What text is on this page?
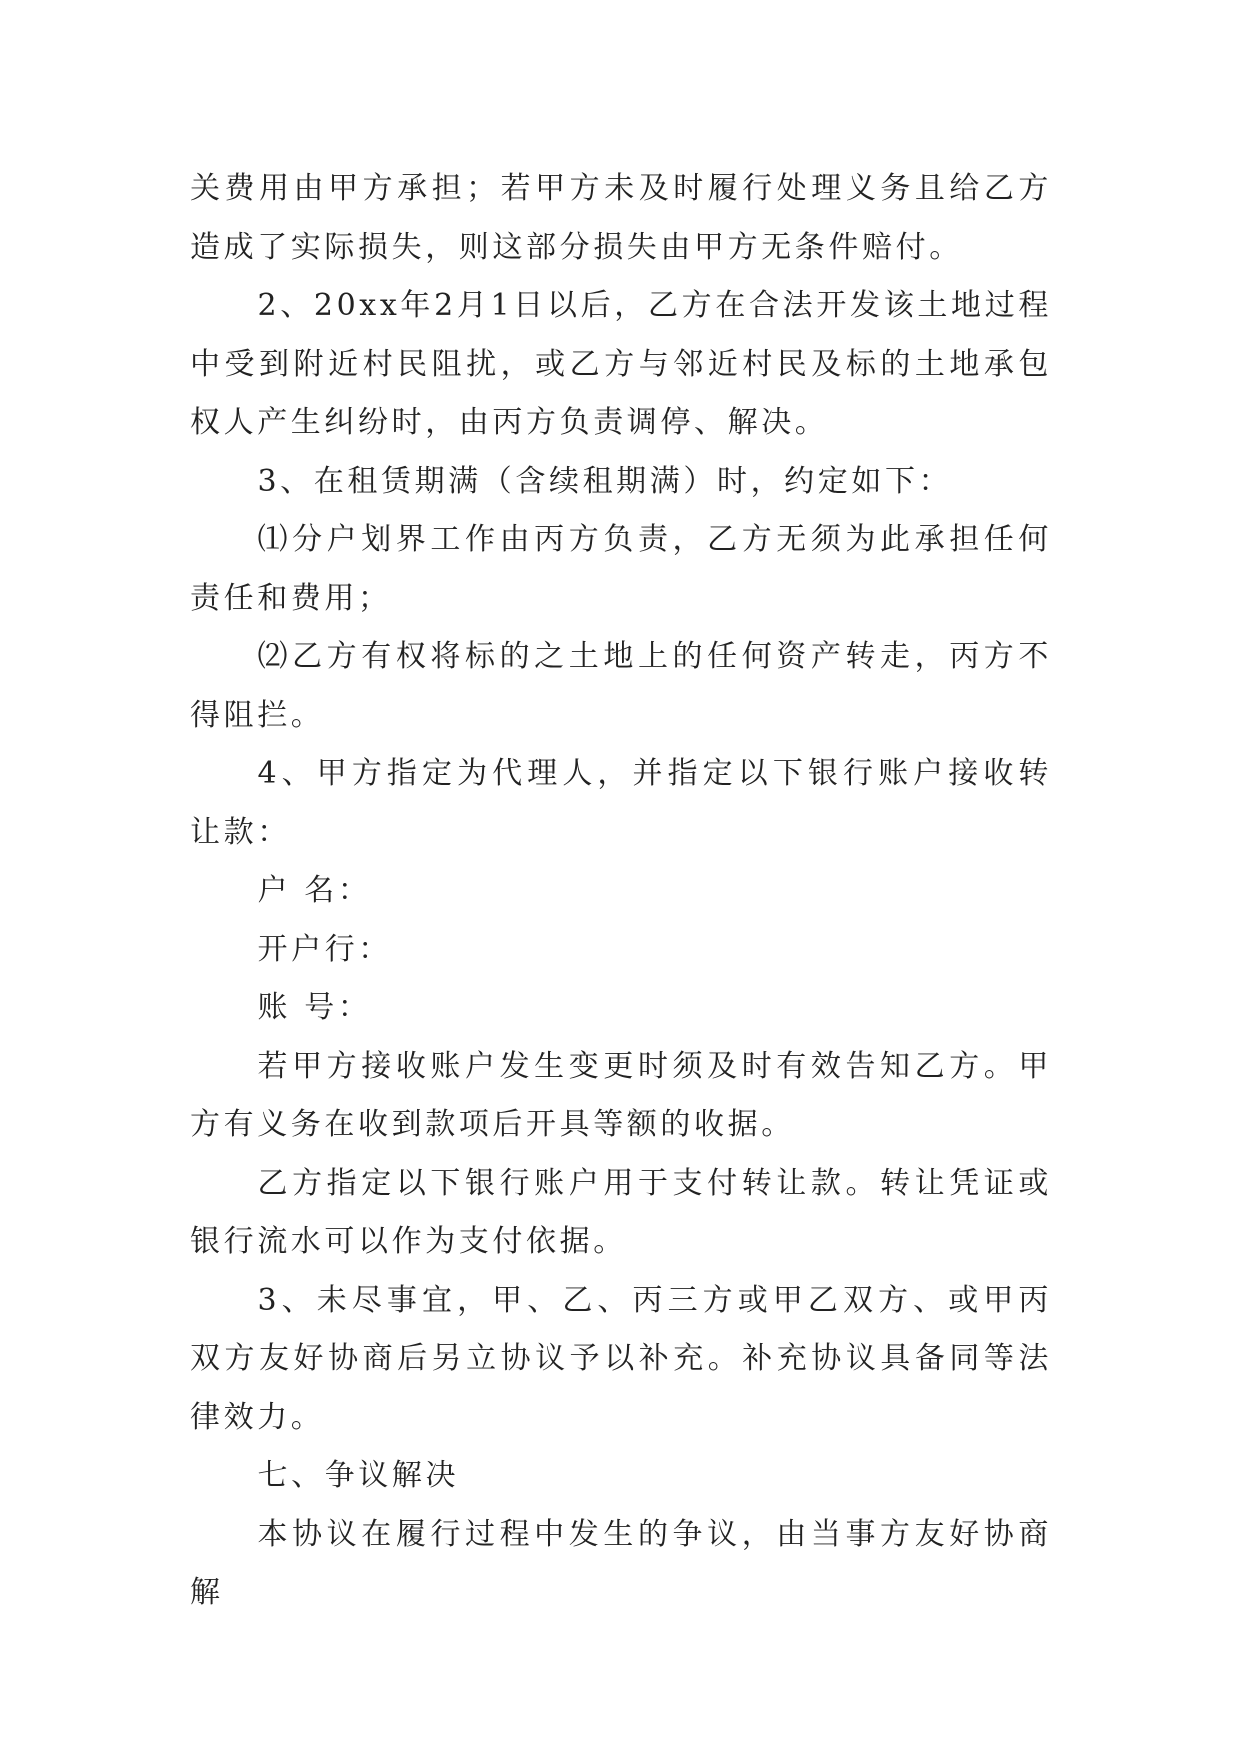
关费用由甲方承担；若甲方未及时履行处理义务且给乙方造成了实际损失，则这部分损失由甲方无条件赔付。

2、20xx年2月1日以后，乙方在合法开发该土地过程中受到附近村民阻扰，或乙方与邻近村民及标的土地承包权人产生纠纷时，由丙方负责调停、解决。

3、在租赁期满（含续租期满）时，约定如下：

⑴分户划界工作由丙方负责，乙方无须为此承担任何责任和费用；

⑵乙方有权将标的之土地上的任何资产转走，丙方不得阻拦。

4、甲方指定为代理人，并指定以下银行账户接收转让款：

户 名：

开户行：

账 号：

若甲方接收账户发生变更时须及时有效告知乙方。甲方有义务在收到款项后开具等额的收据。

乙方指定以下银行账户用于支付转让款。转让凭证或银行流水可以作为支付依据。

3、未尽事宜，甲、乙、丙三方或甲乙双方、或甲丙双方友好协商后另立协议予以补充。补充协议具备同等法律效力。

七、争议解决

本协议在履行过程中发生的争议，由当事方友好协商解
